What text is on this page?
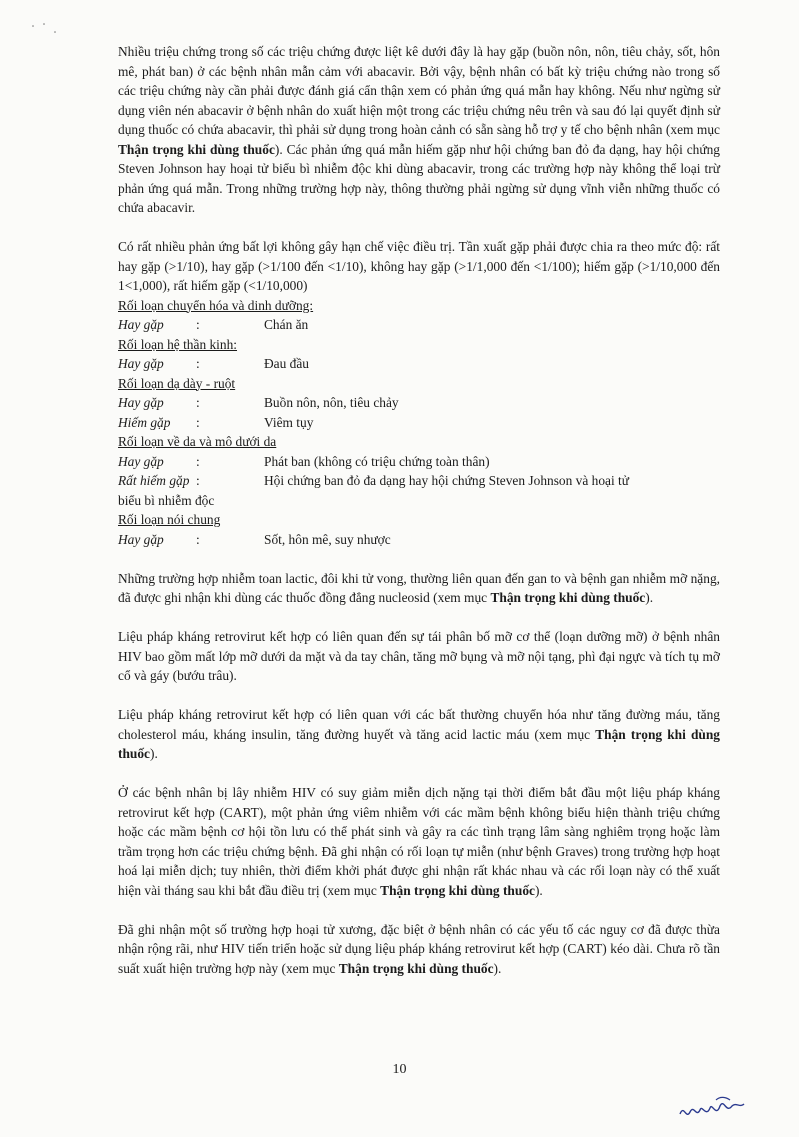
Nhiều triệu chứng trong số các triệu chứng được liệt kê dưới đây là hay gặp (buồn nôn, nôn, tiêu chảy, sốt, hôn mê, phát ban) ở các bệnh nhân mẫn cảm với abacavir. Bởi vậy, bệnh nhân có bất kỳ triệu chứng nào trong số các triệu chứng này cần phải được đánh giá cẩn thận xem có phản ứng quá mẫn hay không. Nếu như ngừng sử dụng viên nén abacavir ở bệnh nhân do xuất hiện một trong các triệu chứng nêu trên và sau đó lại quyết định sử dụng thuốc có chứa abacavir, thì phải sử dụng trong hoàn cảnh có sẵn sàng hỗ trợ y tế cho bệnh nhân (xem mục Thận trọng khi dùng thuốc). Các phản ứng quá mẫn hiếm gặp như hội chứng ban đỏ đa dạng, hay hội chứng Steven Johnson hay hoại tử biểu bì nhiễm độc khi dùng abacavir, trong các trường hợp này không thể loại trừ phản ứng quá mẫn. Trong những trường hợp này, thông thường phải ngừng sử dụng vĩnh viễn những thuốc có chứa abacavir.

Có rất nhiều phản ứng bất lợi không gây hạn chế việc điều trị. Tần xuất gặp phải được chia ra theo mức độ: rất hay gặp (>1/10), hay gặp (>1/100 đến <1/10), không hay gặp (>1/1,000 đến <1/100); hiếm gặp (>1/10,000 đến 1<1,000), rất hiếm gặp (<1/10,000)

Rối loạn chuyển hóa và dinh dưỡng:
Hay gặp	:	Chán ăn
Rối loạn hệ thần kinh:
Hay gặp	:	Đau đầu
Rối loạn dạ dày - ruột
Hay gặp	:	Buồn nôn, nôn, tiêu chảy
Hiếm gặp	:	Viêm tụy
Rối loạn về da và mô dưới da
Hay gặp	:	Phát ban (không có triệu chứng toàn thân)
Rất hiếm gặp :	Hội chứng ban đỏ đa dạng hay hội chứng Steven Johnson và hoại tử
biểu bì nhiễm độc
Rối loạn nói chung
Hay gặp	:	Sốt, hôn mê, suy nhược

Những trường hợp nhiễm toan lactic, đôi khi tử vong, thường liên quan đến gan to và bệnh gan nhiễm mỡ nặng, đã được ghi nhận khi dùng các thuốc đồng đẳng nucleosid (xem mục Thận trọng khi dùng thuốc).

Liệu pháp kháng retrovirut kết hợp có liên quan đến sự tái phân bố mỡ cơ thể (loạn dưỡng mỡ) ở bệnh nhân HIV bao gồm mất lớp mỡ dưới da mặt và da tay chân, tăng mỡ bụng và mỡ nội tạng, phì đại ngực và tích tụ mỡ cổ và gáy (bướu trâu).

Liệu pháp kháng retrovirut kết hợp có liên quan với các bất thường chuyển hóa như tăng đường máu, tăng cholesterol máu, kháng insulin, tăng đường huyết và tăng acid lactic máu (xem mục Thận trọng khi dùng thuốc).

Ở các bệnh nhân bị lây nhiễm HIV có suy giảm miễn dịch nặng tại thời điểm bắt đầu một liệu pháp kháng retrovirut kết hợp (CART), một phản ứng viêm nhiễm với các mầm bệnh không biểu hiện thành triệu chứng hoặc các mầm bệnh cơ hội tồn lưu có thể phát sinh và gây ra các tình trạng lâm sàng nghiêm trọng hoặc làm trầm trọng hơn các triệu chứng bệnh. Đã ghi nhận có rối loạn tự miễn (như bệnh Graves) trong trường hợp hoạt hoá lại miễn dịch; tuy nhiên, thời điểm khởi phát được ghi nhận rất khác nhau và các rối loạn này có thể xuất hiện vài tháng sau khi bắt đầu điều trị (xem mục Thận trọng khi dùng thuốc).

Đã ghi nhận một số trường hợp hoại tử xương, đặc biệt ở bệnh nhân có các yếu tố các nguy cơ đã được thừa nhận rộng rãi, như HIV tiến triển hoặc sử dụng liệu pháp kháng retrovirut kết hợp (CART) kéo dài. Chưa rõ tần suất xuất hiện trường hợp này (xem mục Thận trọng khi dùng thuốc).

10
